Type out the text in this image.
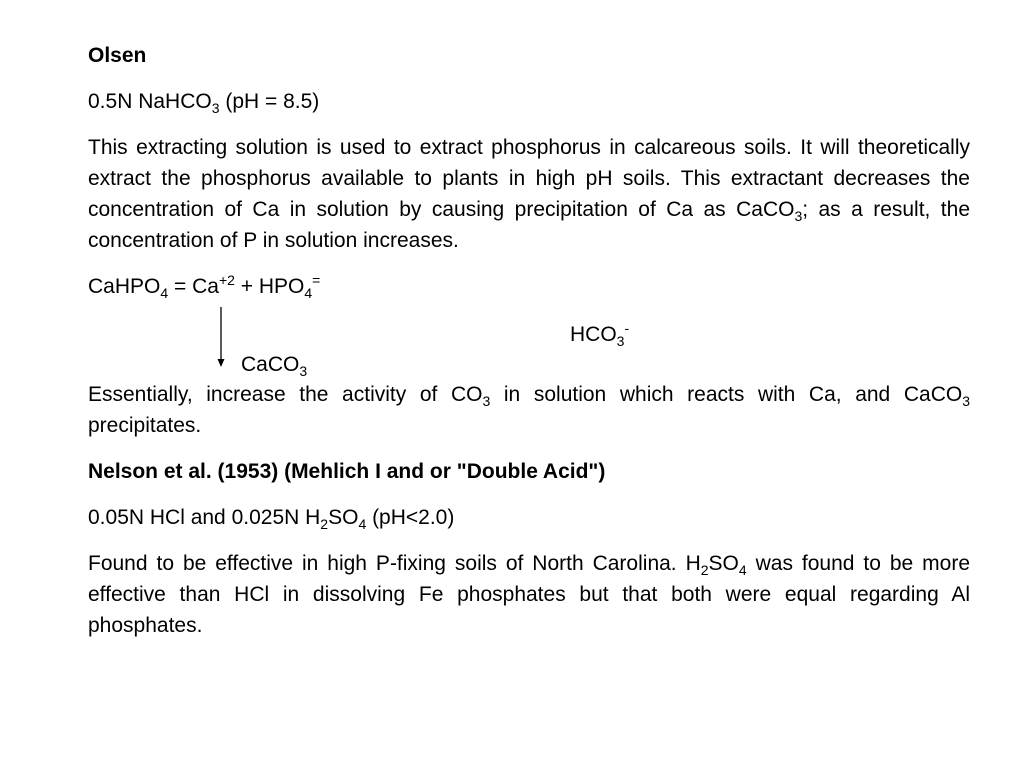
Olsen

0.5N NaHCO$_3$ (pH = 8.5)

This extracting solution is used to extract phosphorus in calcareous soils. It will theoretically extract the phosphorus available to plants in high pH soils. This extractant decreases the concentration of Ca in solution by causing precipitation of Ca as CaCO$_3$; as a result, the concentration of P in solution increases.

CaHPO$_4$ = $Ca^{+2} + HPO_4^=$
$HCO_3^-$
CaCO$_3$

Essentially, increase the activity of $CO_3$ in solution which reacts with Ca, and CaCO$_3$ precipitates.

Nelson et al. (1953) (Mehlich I and or "Double Acid")

0.05N HCl and 0.025N $H_2SO_4$ (pH<2.0)

Found to be effective in high P-fixing soils of North Carolina. $H_2SO_4$ was found to be more effective than HCl in dissolving Fe phosphates but that both were equal regarding Al phosphates.
